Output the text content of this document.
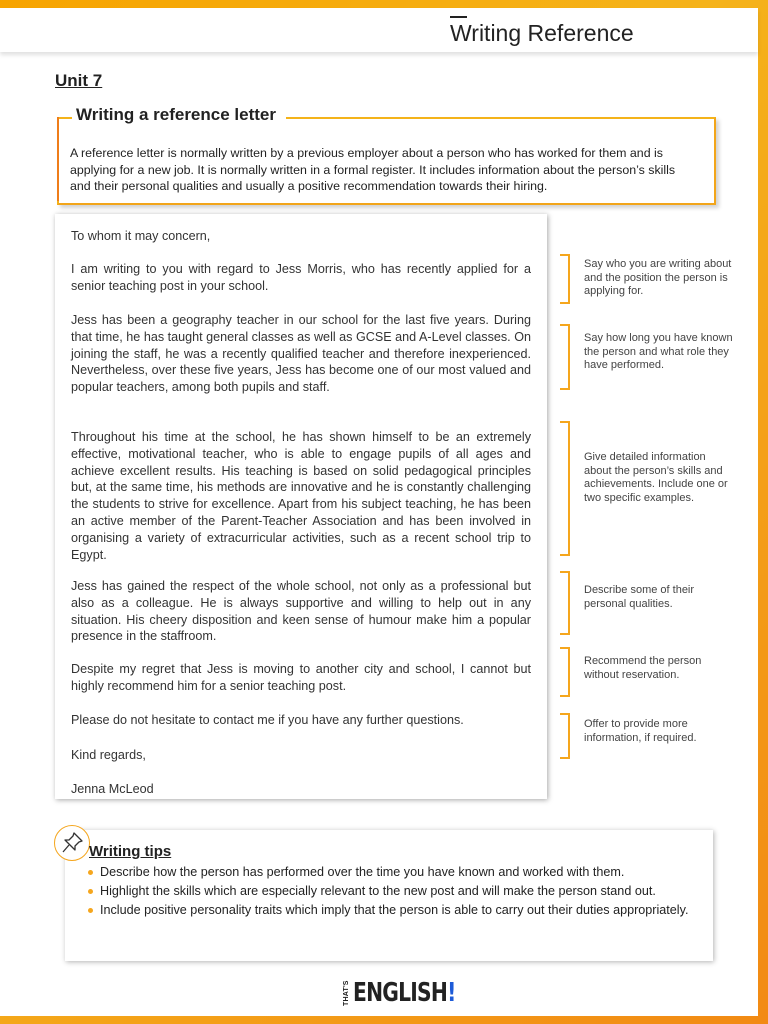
Writing Reference
Unit 7
Writing a reference letter
A reference letter is normally written by a previous employer about a person who has worked for them and is applying for a new job. It is normally written in a formal register. It includes information about the person’s skills and their personal qualities and usually a positive recommendation towards their hiring.

To whom it may concern,

I am writing to you with regard to Jess Morris, who has recently applied for a senior teaching post in your school.

Jess has been a geography teacher in our school for the last five years. During that time, he has taught general classes as well as GCSE and A-Level classes. On joining the staff, he was a recently qualified teacher and therefore inexperienced. Nevertheless, over these five years, Jess has become one of our most valued and popular teachers, among both pupils and staff.

Throughout his time at the school, he has shown himself to be an extremely effective, motivational teacher, who is able to engage pupils of all ages and achieve excellent results. His teaching is based on solid pedagogical principles but, at the same time, his methods are innovative and he is constantly challenging the students to strive for excellence. Apart from his subject teaching, he has been an active member of the Parent-Teacher Association and has been involved in organising a variety of extracurricular activities, such as a recent school trip to Egypt.

Jess has gained the respect of the whole school, not only as a professional but also as a colleague. He is always supportive and willing to help out in any situation. His cheery disposition and keen sense of humour make him a popular presence in the staffroom.

Despite my regret that Jess is moving to another city and school, I cannot but highly recommend him for a senior teaching post.

Please do not hesitate to contact me if you have any further questions.

Kind regards,

Jenna McLeod

Say who you are writing about and the position the person is applying for.
Say how long you have known the person and what role they have performed.
Give detailed information about the person’s skills and achievements. Include one or two specific examples.
Describe some of their personal qualities.
Recommend the person without reservation.
Offer to provide more information, if required.
Writing tips
Describe how the person has performed over the time you have known and worked with them.
Highlight the skills which are especially relevant to the new post and will make the person stand out.
Include positive personality traits which imply that the person is able to carry out their duties appropriately.
THAT'S ENGLISH!
